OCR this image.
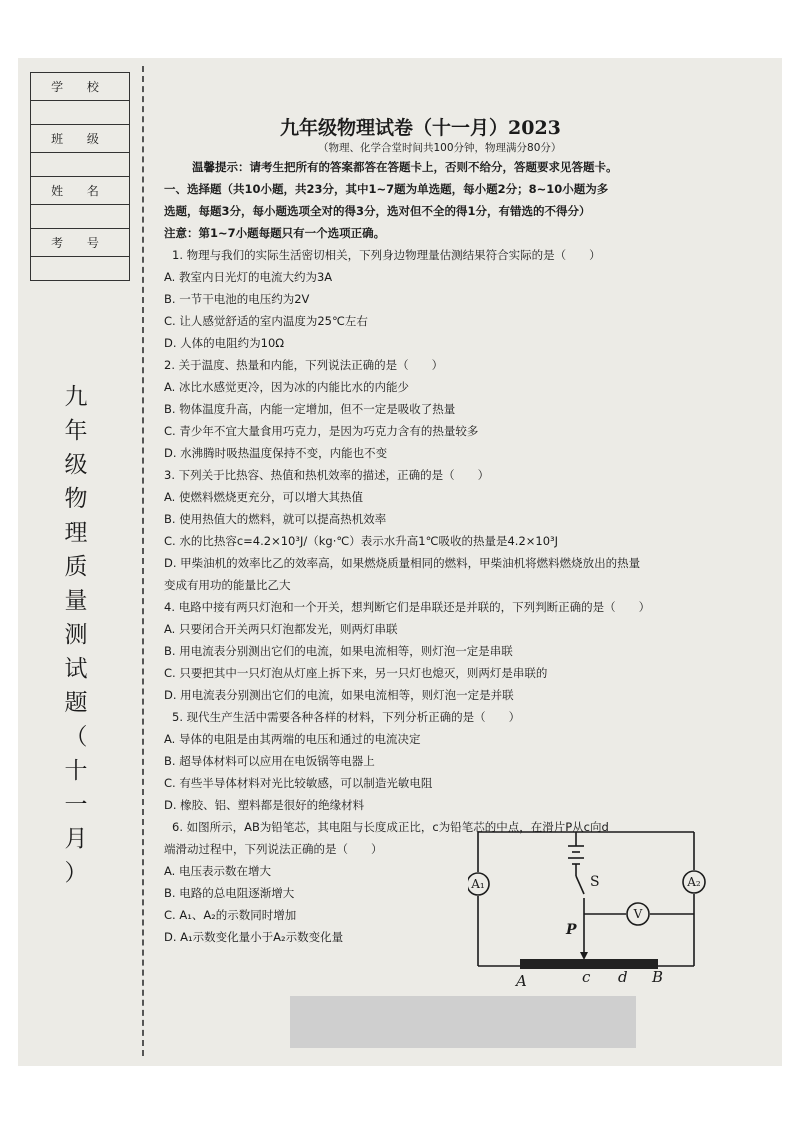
学 校

班 级

姓 名

考 号

九
年
级
物
理
质
量
测
试
题
（
十
一
月
）
九年级物理试卷（十一月）2023
（物理、化学合堂时间共100分钟，物理满分80分）
温馨提示：请考生把所有的答案都答在答题卡上，否则不给分，答题要求见答题卡。
一、选择题（共10小题，共23分，其中1~7题为单选题，每小题2分；8~10小题为多
选题，每题3分，每小题选项全对的得3分，选对但不全的得1分，有错选的不得分）
注意：第1~7小题每题只有一个选项正确。
1. 物理与我们的实际生活密切相关，下列身边物理量估测结果符合实际的是（　　）
A. 教室内日光灯的电流大约为3A
B. 一节干电池的电压约为2V
C. 让人感觉舒适的室内温度为25℃左右
D. 人体的电阻约为10Ω
2. 关于温度、热量和内能，下列说法正确的是（　　）
A. 冰比水感觉更冷，因为冰的内能比水的内能少
B. 物体温度升高，内能一定增加，但不一定是吸收了热量
C. 青少年不宜大量食用巧克力，是因为巧克力含有的热量较多
D. 水沸腾时吸热温度保持不变，内能也不变
3. 下列关于比热容、热值和热机效率的描述，正确的是（　　）
A. 使燃料燃烧更充分，可以增大其热值
B. 使用热值大的燃料，就可以提高热机效率
C. 水的比热容c=4.2×10³J/（kg·℃）表示水升高1℃吸收的热量是4.2×10³J
D. 甲柴油机的效率比乙的效率高，如果燃烧质量相同的燃料，甲柴油机将燃料燃烧放出的热量
变成有用功的能量比乙大
4. 电路中接有两只灯泡和一个开关，想判断它们是串联还是并联的，下列判断正确的是（　　）
A. 只要闭合开关两只灯泡都发光，则两灯串联
B. 用电流表分别测出它们的电流，如果电流相等，则灯泡一定是串联
C. 只要把其中一只灯泡从灯座上拆下来，另一只灯也熄灭，则两灯是串联的
D. 用电流表分别测出它们的电流，如果电流相等，则灯泡一定是并联
5. 现代生产生活中需要各种各样的材料，下列分析正确的是（　　）
A. 导体的电阻是由其两端的电压和通过的电流决定
B. 超导体材料可以应用在电饭锅等电器上
C. 有些半导体材料对光比较敏感，可以制造光敏电阻
D. 橡胶、铝、塑料都是很好的绝缘材料
6. 如图所示，AB为铅笔芯，其电阻与长度成正比，c为铅笔芯的中点，在滑片P从c向d
端滑动过程中，下列说法正确的是（　　）
A. 电压表示数在增大
B. 电路的总电阻逐渐增大
C. A₁、A₂的示数同时增加
D. A₁示数变化量小于A₂示数变化量
A₁	A₂
V
S
P
A	c d B
